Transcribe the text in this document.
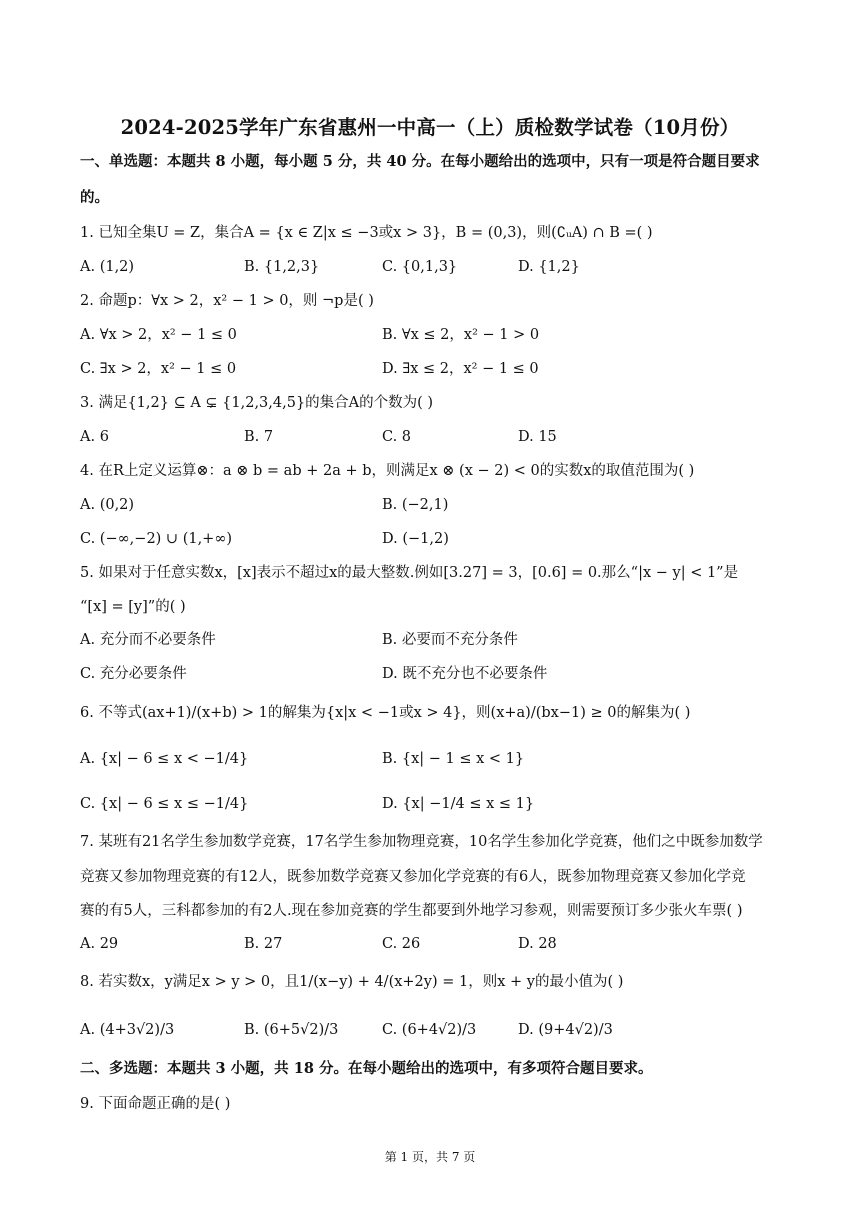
2024-2025学年广东省惠州一中高一（上）质检数学试卷（10月份）
一、单选题：本题共 8 小题，每小题 5 分，共 40 分。在每小题给出的选项中，只有一项是符合题目要求
的。
1. 已知全集U = Z，集合A = {x ∈ Z|x ≤ −3或x > 3}，B = (0,3)，则(∁ᵤA) ∩ B =( )
A. (1,2)	B. {1,2,3}	C. {0,1,3}	D. {1,2}
2. 命题p：∀x > 2，x² − 1 > 0，则 ¬p是( )
A. ∀x > 2，x² − 1 ≤ 0	B. ∀x ≤ 2，x² − 1 > 0
C. ∃x > 2，x² − 1 ≤ 0	D. ∃x ≤ 2，x² − 1 ≤ 0
3. 满足{1,2} ⊆ A ⊊ {1,2,3,4,5}的集合A的个数为( )
A. 6	B. 7	C. 8	D. 15
4. 在R上定义运算⊗：a ⊗ b = ab + 2a + b，则满足x ⊗ (x − 2) < 0的实数x的取值范围为( )
A. (0,2)	B. (−2,1)
C. (−∞,−2) ∪ (1,+∞)	D. (−1,2)
5. 如果对于任意实数x，[x]表示不超过x的最大整数.例如[3.27] = 3，[0.6] = 0.那么“|x − y| < 1”是
“[x] = [y]”的( )
A. 充分而不必要条件	B. 必要而不充分条件
C. 充分必要条件	D. 既不充分也不必要条件
6. 不等式(ax+1)/(x+b) > 1的解集为{x|x < −1或x > 4}，则(x+a)/(bx−1) ≥ 0的解集为( )
A. {x| − 6 ≤ x < −1/4}	B. {x| − 1 ≤ x < 1}
C. {x| − 6 ≤ x ≤ −1/4}	D. {x| −1/4 ≤ x ≤ 1}
7. 某班有21名学生参加数学竞赛，17名学生参加物理竞赛，10名学生参加化学竞赛，他们之中既参加数学
竞赛又参加物理竞赛的有12人，既参加数学竞赛又参加化学竞赛的有6人，既参加物理竞赛又参加化学竞
赛的有5人，三科都参加的有2人.现在参加竞赛的学生都要到外地学习参观，则需要预订多少张火车票( )
A. 29	B. 27	C. 26	D. 28
8. 若实数x，y满足x > y > 0，且1/(x−y) + 4/(x+2y) = 1，则x + y的最小值为( )
A. (4+3√2)/3	B. (6+5√2)/3	C. (6+4√2)/3	D. (9+4√2)/3
二、多选题：本题共 3 小题，共 18 分。在每小题给出的选项中，有多项符合题目要求。
9. 下面命题正确的是( )
第 1 页，共 7 页
